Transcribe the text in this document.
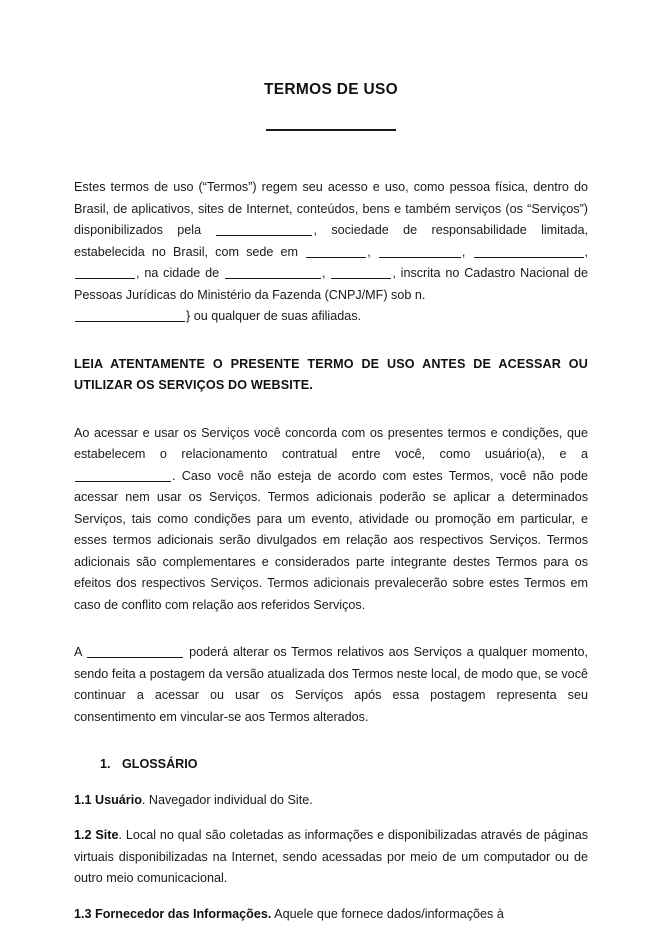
TERMOS DE USO

Estes termos de uso (“Termos”) regem seu acesso e uso, como pessoa física, dentro do Brasil, de aplicativos, sites de Internet, conteúdos, bens e também serviços (os “Serviços”) disponibilizados pela	, sociedade de responsabilidade limitada, estabelecida no Brasil, com sede em	,	,	, , na cidade de	,	, inscrita no Cadastro Nacional de Pessoas Jurídicas do Ministério da Fazenda (CNPJ/MF) sob n.

} ou qualquer de suas afiliadas.

LEIA ATENTAMENTE O PRESENTE TERMO DE USO ANTES DE ACESSAR OU UTILIZAR OS SERVIÇOS DO WEBSITE.

Ao acessar e usar os Serviços você concorda com os presentes termos e condições, que estabelecem o relacionamento contratual entre você, como usuário(a), e a . Caso você não esteja de acordo com estes Termos, você não pode acessar nem usar os Serviços. Termos adicionais poderão se aplicar a determinados Serviços, tais como condições para um evento, atividade ou promoção em particular, e esses termos adicionais serão divulgados em relação aos respectivos Serviços. Termos adicionais são complementares e considerados parte integrante destes Termos para os efeitos dos respectivos Serviços. Termos adicionais prevalecerão sobre estes Termos em caso de conflito com relação aos referidos Serviços.

A	poderá alterar os Termos relativos aos Serviços a qualquer momento, sendo feita a postagem da versão atualizada dos Termos neste local, de modo que, se você continuar a acessar ou usar os Serviços após essa postagem representa seu consentimento em vincular-se aos Termos alterados.

1. GLOSSÁRIO

1.1 Usuário. Navegador individual do Site.

1.2 Site. Local no qual são coletadas as informações e disponibilizadas através de páginas virtuais disponibilizadas na Internet, sendo acessadas por meio de um computador ou de outro meio comunicacional.

1.3 Fornecedor das Informações. Aquele que fornece dados/informações à
